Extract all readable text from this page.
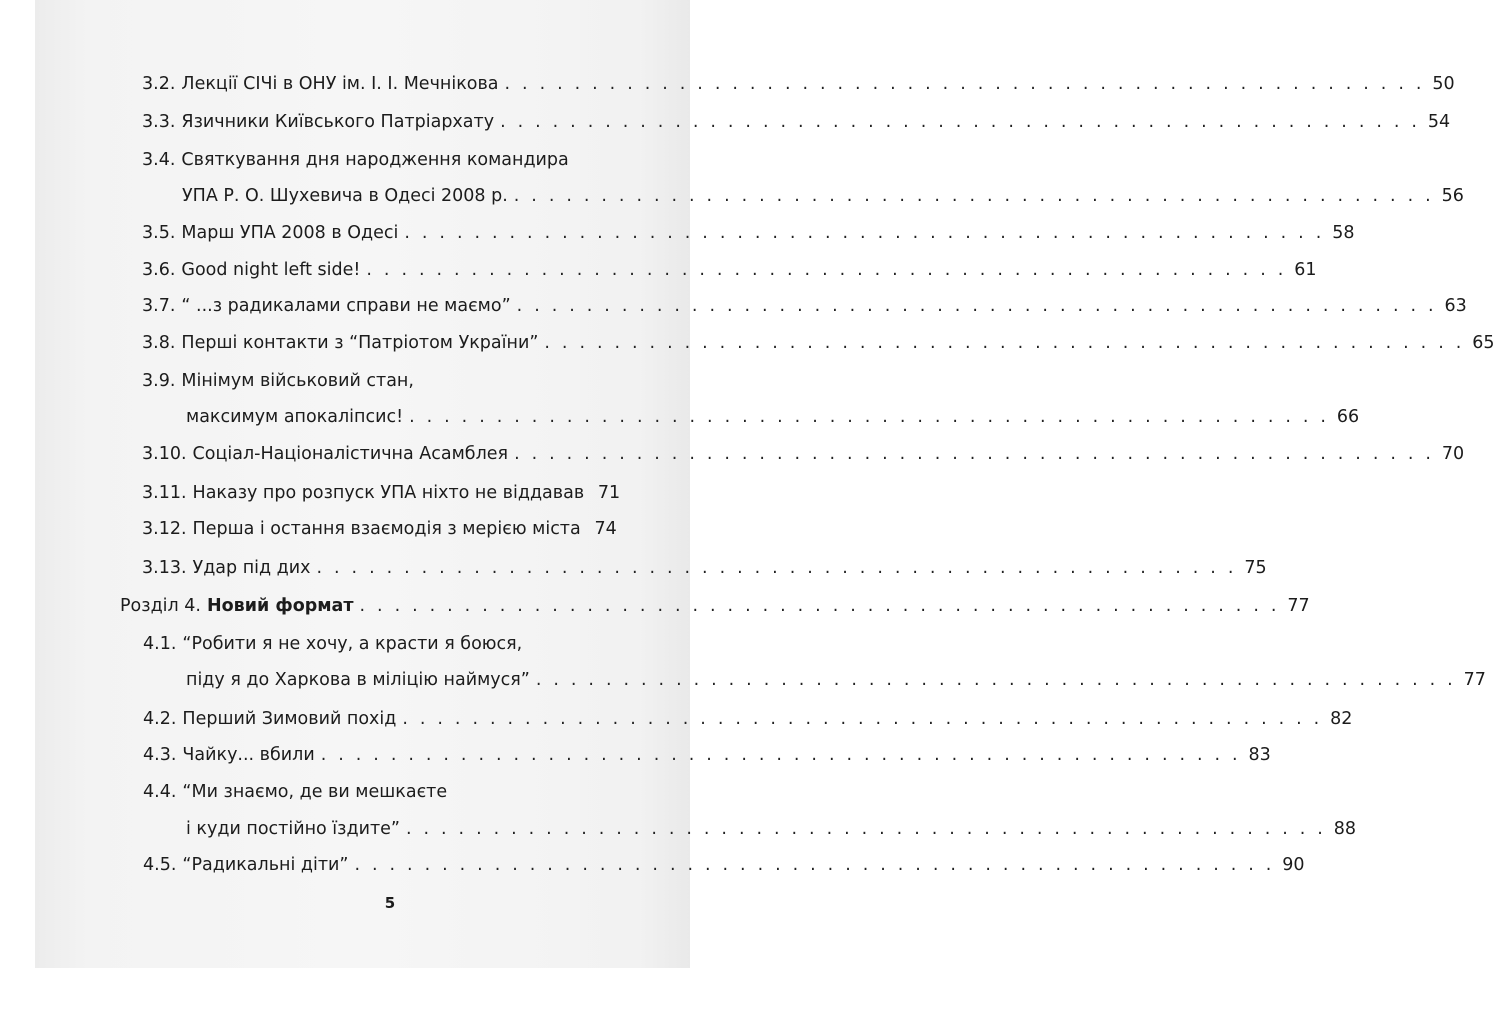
3.2. Лекції СІЧі в ОНУ ім. І. І. Мечнікова . . . . . . . . . . . . . . . . . . . . . . . . . . . . . . . . . . . . . . . . . . . . . . . . . . . . . 50
3.3. Язичники Київського Патріархату . . . . . . . . . . . . . . . . . . . . . . . . . . . . . . . . . . . . . . . . . . . . . . . . . . . . . 54
3.4. Святкування дня народження командира
УПА Р. О. Шухевича в Одесі 2008 р. . . . . . . . . . . . . . . . . . . . . . . . . . . . . . . . . . . . . . . . . . . . . . . . . . . . . . 56
3.5. Марш УПА 2008 в Одесі . . . . . . . . . . . . . . . . . . . . . . . . . . . . . . . . . . . . . . . . . . . . . . . . . . . . . 58
3.6. Good night left side! . . . . . . . . . . . . . . . . . . . . . . . . . . . . . . . . . . . . . . . . . . . . . . . . . . . . . 61
3.7. “ ...з радикалами справи не маємо” . . . . . . . . . . . . . . . . . . . . . . . . . . . . . . . . . . . . . . . . . . . . . . . . . . . . . 63
3.8. Перші контакти з “Патріотом України” . . . . . . . . . . . . . . . . . . . . . . . . . . . . . . . . . . . . . . . . . . . . . . . . . . . . . 65
3.9. Мінімум військовий стан,
максимум апокаліпсис! . . . . . . . . . . . . . . . . . . . . . . . . . . . . . . . . . . . . . . . . . . . . . . . . . . . . . 66
3.10. Соціал-Націоналістична Асамблея . . . . . . . . . . . . . . . . . . . . . . . . . . . . . . . . . . . . . . . . . . . . . . . . . . . . . 70
3.11. Наказу про розпуск УПА ніхто не віддавав 71
3.12. Перша і остання взаємодія з мерією міста 74
3.13. Удар під дих . . . . . . . . . . . . . . . . . . . . . . . . . . . . . . . . . . . . . . . . . . . . . . . . . . . . . 75
Розділ 4. Новий формат . . . . . . . . . . . . . . . . . . . . . . . . . . . . . . . . . . . . . . . . . . . . . . . . . . . . . 77
4.1. “Робити я не хочу, а красти я боюся,
піду я до Харкова в міліцію наймуся” . . . . . . . . . . . . . . . . . . . . . . . . . . . . . . . . . . . . . . . . . . . . . . . . . . . . . 77
4.2. Перший Зимовий похід . . . . . . . . . . . . . . . . . . . . . . . . . . . . . . . . . . . . . . . . . . . . . . . . . . . . . 82
4.3. Чайку... вбили . . . . . . . . . . . . . . . . . . . . . . . . . . . . . . . . . . . . . . . . . . . . . . . . . . . . . 83
4.4. “Ми знаємо, де ви мешкаєте
і куди постійно їздите” . . . . . . . . . . . . . . . . . . . . . . . . . . . . . . . . . . . . . . . . . . . . . . . . . . . . . 88
4.5. “Радикальні діти” . . . . . . . . . . . . . . . . . . . . . . . . . . . . . . . . . . . . . . . . . . . . . . . . . . . . . 90
5
